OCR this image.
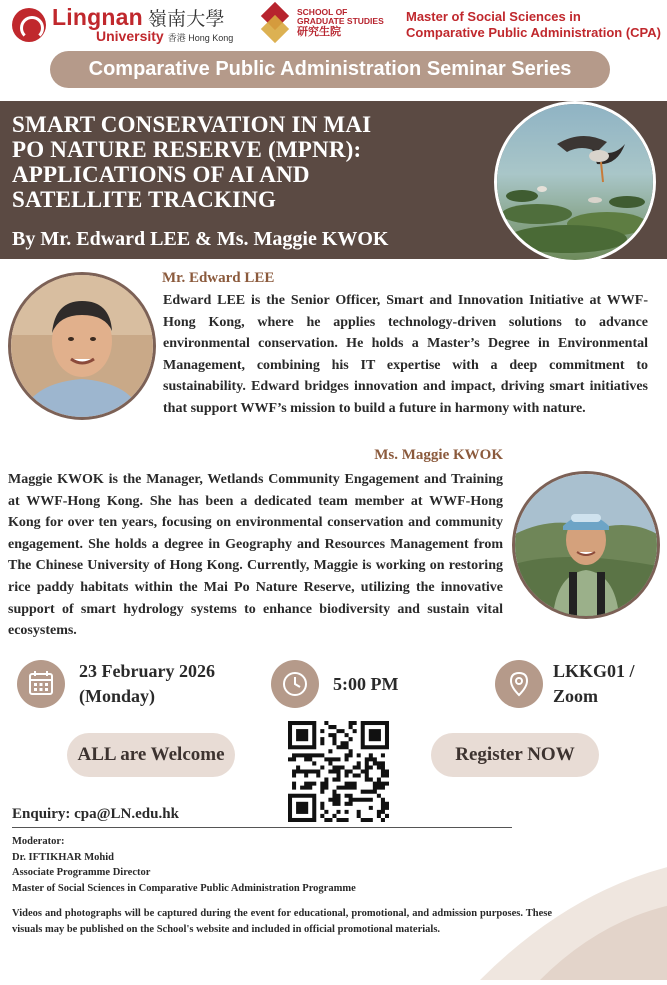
Lingnan 嶺南大學
University 香港 Hong Kong
SCHOOL OF
GRADUATE STUDIES
研究生院
Master of Social Sciences in
Comparative Public Administration (CPA)
Comparative Public Administration Seminar Series
SMART CONSERVATION IN MAI
PO NATURE RESERVE (MPNR):
APPLICATIONS OF AI AND
SATELLITE TRACKING
By Mr. Edward LEE & Ms. Maggie KWOK
Mr. Edward LEE
Edward LEE is the Senior Officer, Smart and Innovation Initiative at WWF-Hong Kong, where he applies technology-driven solutions to advance environmental conservation. He holds a Master’s Degree in Environmental Management, combining his IT expertise with a deep commitment to sustainability. Edward bridges innovation and impact, driving smart initiatives that support WWF’s mission to build a future in harmony with nature.
Ms. Maggie KWOK
Maggie KWOK is the Manager, Wetlands Community Engagement and Training at WWF-Hong Kong. She has been a dedicated team member at WWF-Hong Kong for over ten years, focusing on environmental conservation and community engagement. She holds a degree in Geography and Resources Management from The Chinese University of Hong Kong. Currently, Maggie is working on restoring rice paddy habitats within the Mai Po Nature Reserve, utilizing the innovative support of smart hydrology systems to enhance biodiversity and sustain vital ecosystems.
23 February 2026
(Monday)
5:00 PM
LKKG01 /
Zoom
ALL are Welcome	Register NOW
Enquiry: cpa@LN.edu.hk
Moderator:
Dr. IFTIKHAR Mohid
Associate Programme Director
Master of Social Sciences in Comparative Public Administration Programme
Videos and photographs will be captured during the event for educational, promotional, and admission purposes. These visuals may be published on the School's website and included in official promotional materials.
